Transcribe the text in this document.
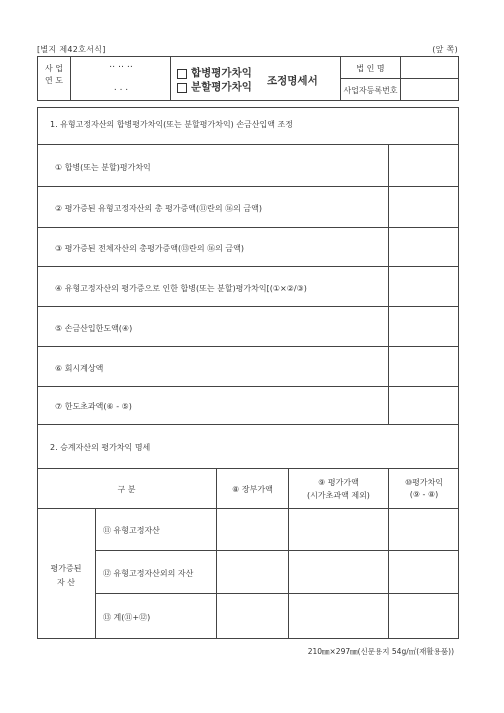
[별지 제42호서식]	(앞 쪽)
사 업
연 도
‥ ‥ ‥
. . .
합병평가차익
분할평가차익 조정명세서
법 인 명
사업자등록번호
1. 유형고정자산의 합병평가차익(또는 분할평가차익) 손금산입액 조정
① 합병(또는 분할)평가차익
② 평가증된 유형고정자산의 총 평가증액(⑪란의 ⑯의 금액)
③ 평가증된 전체자산의 총평가증액(⑬란의 ⑯의 금액)
④ 유형고정자산의 평가증으로 인한 합병(또는 분할)평가차익[(①×②/③)
⑤ 손금산입한도액(④)
⑥ 회시계상액
⑦ 한도초과액(⑥ - ⑤)
2. 승계자산의 평가차익 명세
구 분	⑧ 장부가액
⑨ 평가가액
(시가초과액 제외)
⑩평가차익
(⑨ - ⑧)
평가증된
자 산
⑪ 유형고정자산
⑫ 유형고정자산외의 자산
⑬ 계(⑪+⑫)
210㎜×297㎜(신문용지 54g/㎡(재활용품))
